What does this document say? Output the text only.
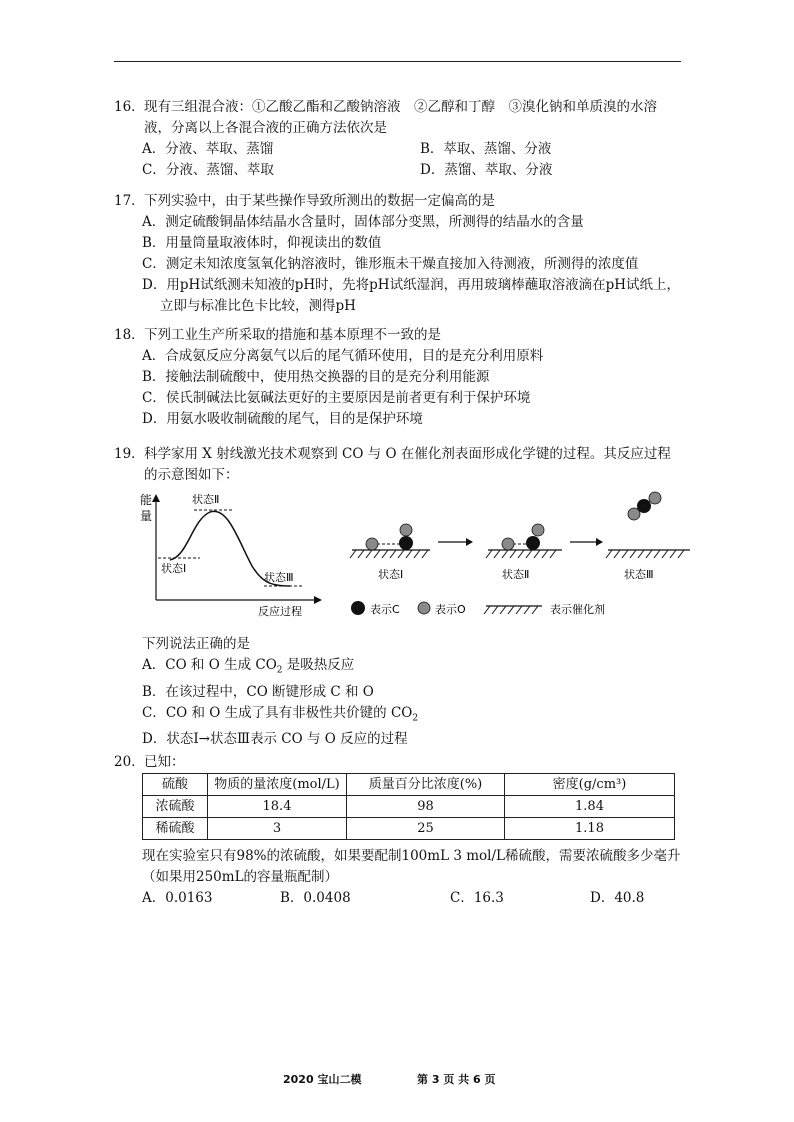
16． 现有三组混合液：①乙酸乙酯和乙酸钠溶液　②乙醇和丁醇　③溴化钠和单质溴的水溶
液，分离以上各混合液的正确方法依次是
A．分液、萃取、蒸馏	B．萃取、蒸馏、分液
C．分液、蒸馏、萃取	D．蒸馏、萃取、分液
17． 下列实验中，由于某些操作导致所测出的数据一定偏高的是
A．测定硫酸铜晶体结晶水含量时，固体部分变黑，所测得的结晶水的含量
B．用量筒量取液体时，仰视读出的数值
C．测定未知浓度氢氧化钠溶液时，锥形瓶未干燥直接加入待测液，所测得的浓度值
D．用pH试纸测未知液的pH时，先将pH试纸湿润，再用玻璃棒蘸取溶液滴在pH试纸上，
立即与标准比色卡比较，测得pH
18． 下列工业生产所采取的措施和基本原理不一致的是
A．合成氨反应分离氨气以后的尾气循环使用，目的是充分利用原料
B．接触法制硫酸中，使用热交换器的目的是充分利用能源
C．侯氏制碱法比氨碱法更好的主要原因是前者更有利于保护环境
D．用氨水吸收制硫酸的尾气，目的是保护环境
19． 科学家用 X 射线激光技术观察到 CO 与 O 在催化剂表面形成化学键的过程。其反应过程
的示意图如下：
能
量
状态Ⅰ
状态Ⅱ
状态Ⅲ
反应过程
状态Ⅰ	状态Ⅱ	状态Ⅲ
表示C	表示O	表示催化剂
下列说法正确的是
A．CO 和 O 生成 $CO_2$ 是吸热反应
B．在该过程中，CO 断键形成 C 和 O
C．CO 和 O 生成了具有非极性共价键的 $CO_2$
D．状态Ⅰ→状态Ⅲ表示 CO 与 O 反应的过程
20． 已知：
硫酸	物质的量浓度(mol/L)	质量百分比浓度(%)	密度(g/cm³)
浓硫酸	18.4	98	1.84
稀硫酸	3	25	1.18
现在实验室只有98%的浓硫酸，如果要配制100mL 3 mol/L稀硫酸，需要浓硫酸多少毫升
（如果用250mL的容量瓶配制）
A．0.0163	B．0.0408	C．16.3	D．40.8
2020 宝山二模	第 3 页 共 6 页
